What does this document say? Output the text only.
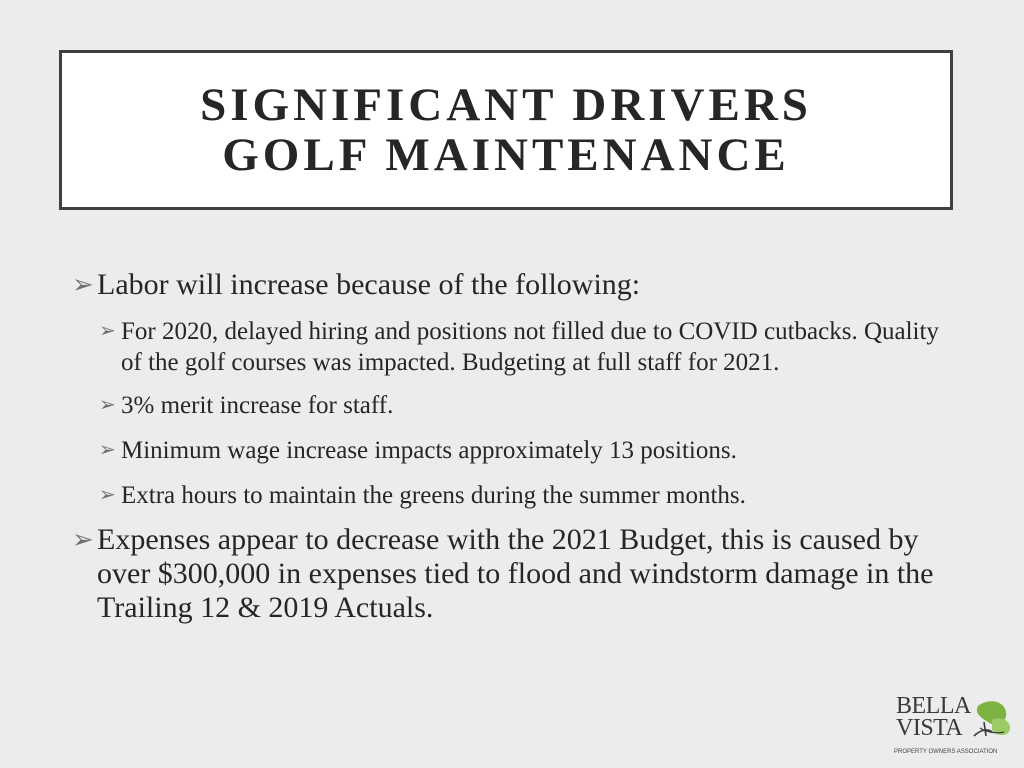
SIGNIFICANT DRIVERS
GOLF MAINTENANCE
➢ Labor will increase because of the following:
➢ For 2020, delayed hiring and positions not filled due to COVID cutbacks. Quality of the golf courses was impacted. Budgeting at full staff for 2021.
➢ 3% merit increase for staff.
➢ Minimum wage increase impacts approximately 13 positions.
➢ Extra hours to maintain the greens during the summer months.
➢ Expenses appear to decrease with the 2021 Budget, this is caused by over $300,000 in expenses tied to flood and windstorm damage in the Trailing 12 & 2019 Actuals.
BELLA
VISTA
PROPERTY OWNERS ASSOCIATION
